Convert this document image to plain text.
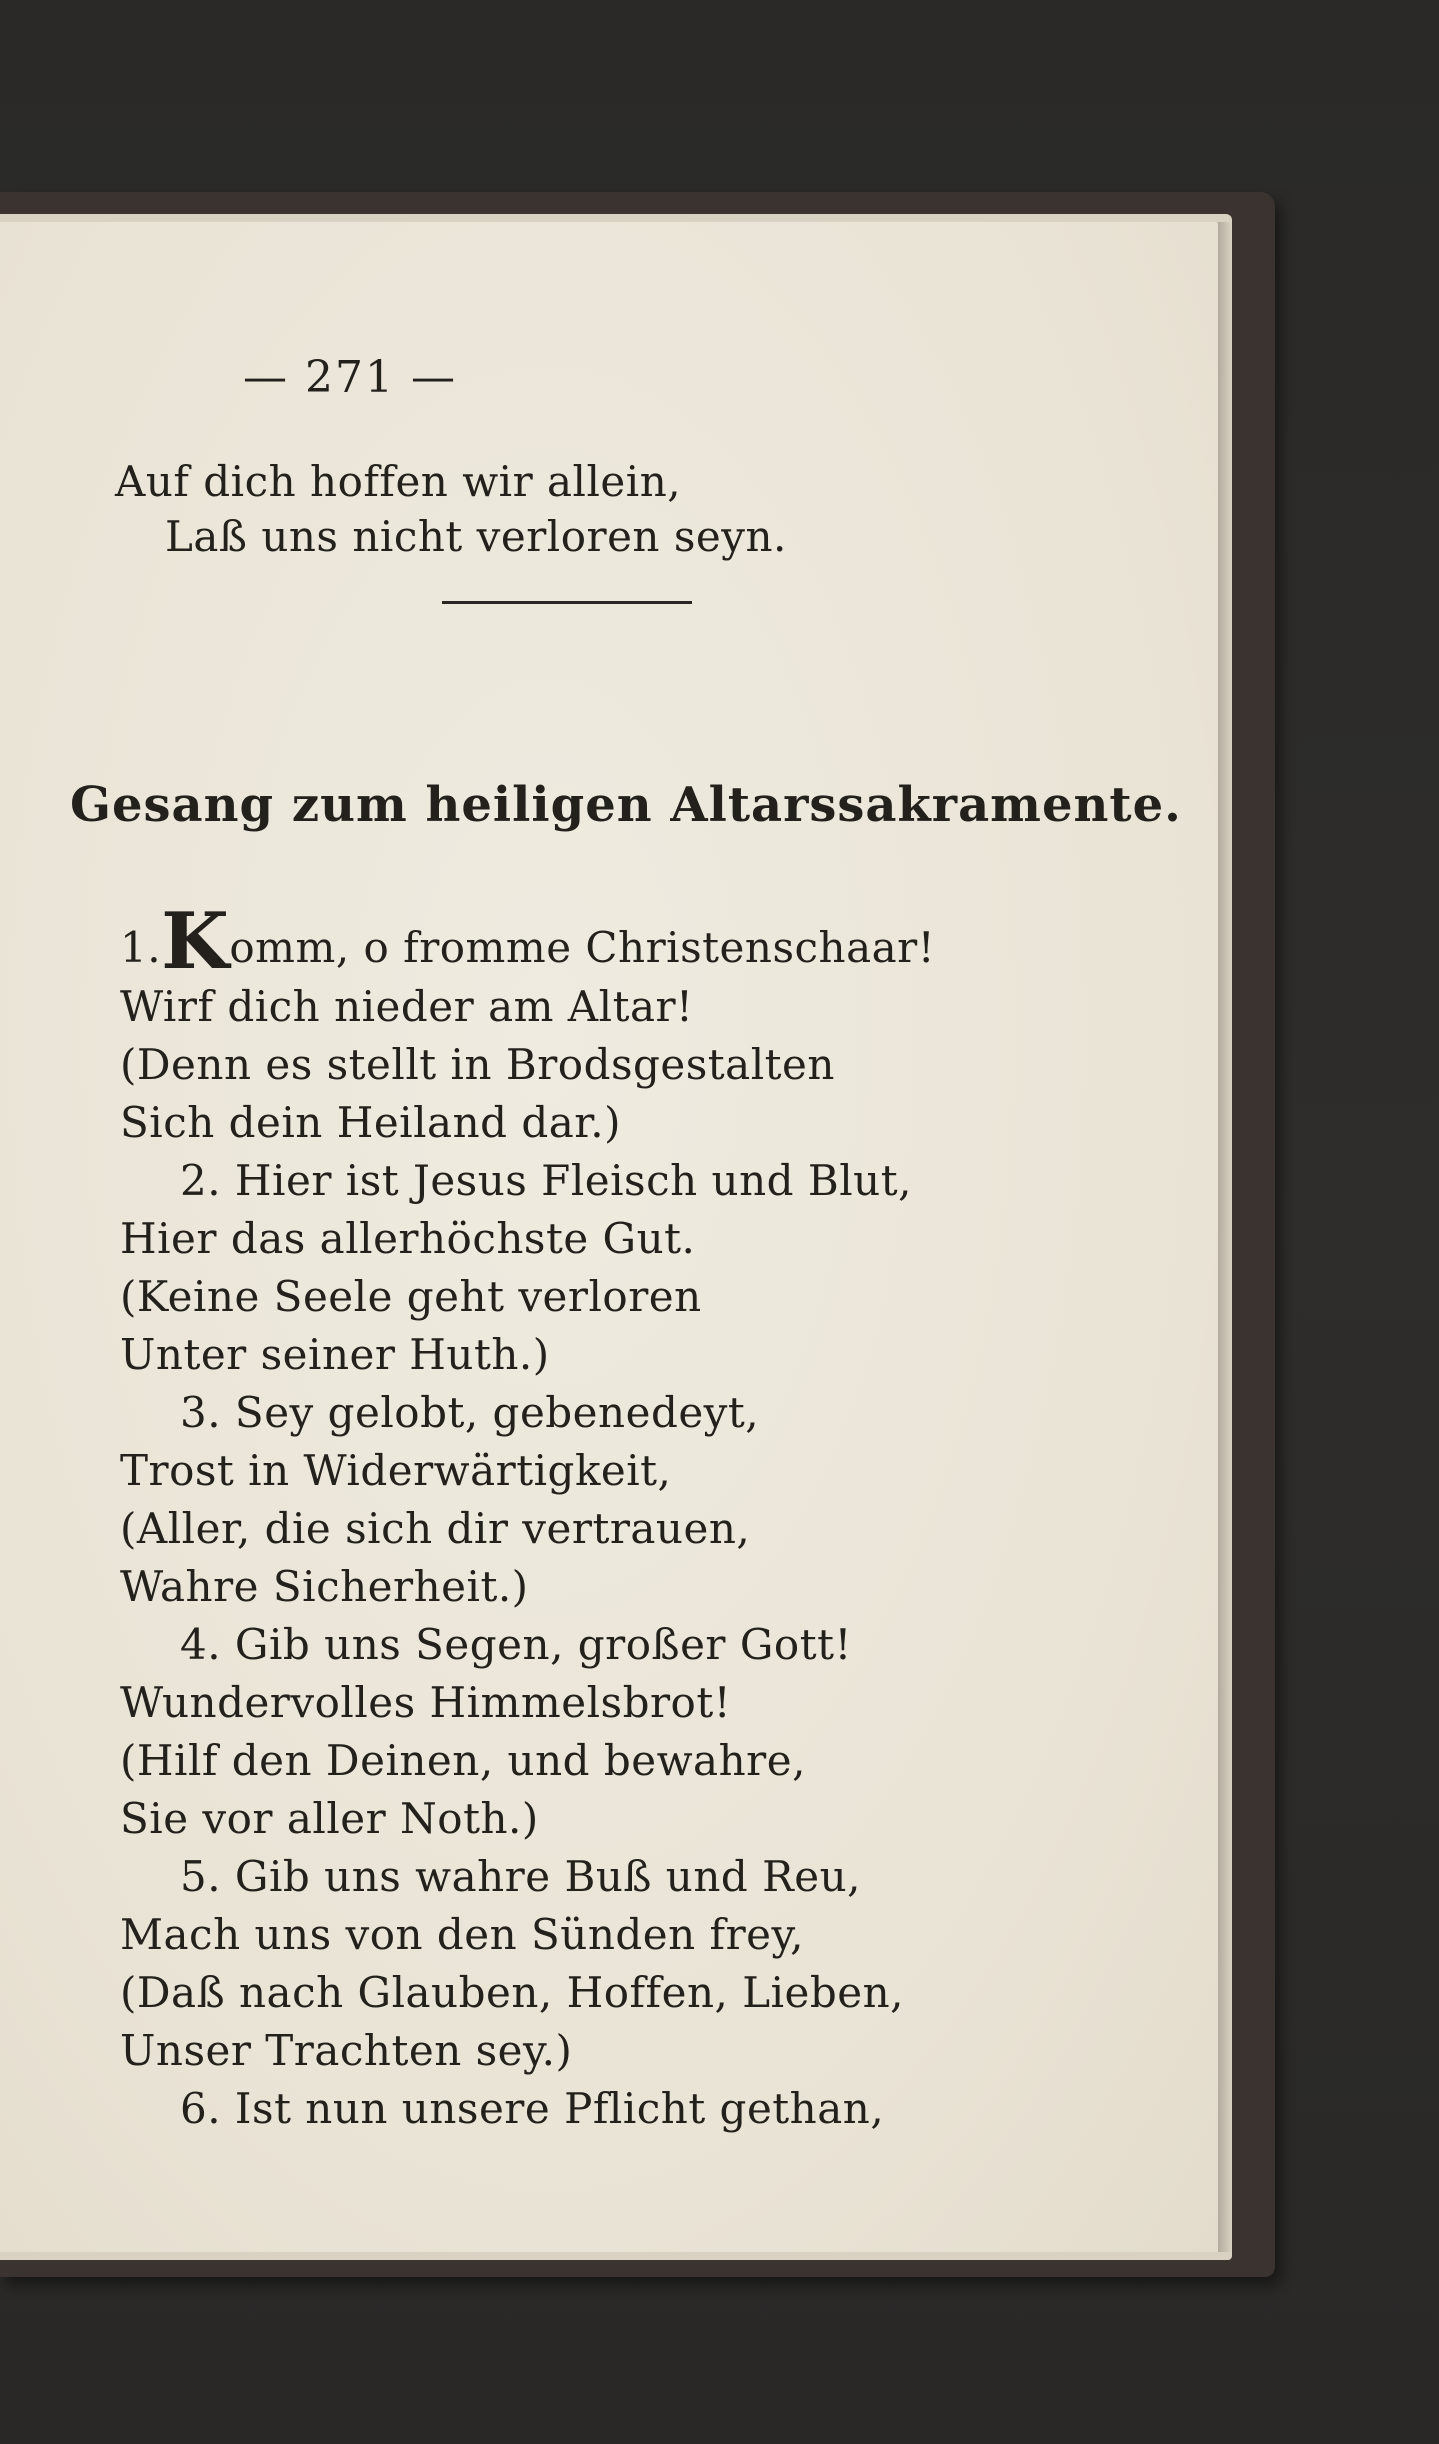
— 271 —
Auf dich hoffen wir allein,
Laß uns nicht verloren seyn.
Gesang zum heiligen Altarssakramente.
1.Komm, o fromme Christenschaar!
Wirf dich nieder am Altar!
(Denn es stellt in Brodsgestalten
Sich dein Heiland dar.)
2. Hier ist Jesus Fleisch und Blut,
Hier das allerhöchste Gut.
(Keine Seele geht verloren
Unter seiner Huth.)
3. Sey gelobt, gebenedeyt,
Trost in Widerwärtigkeit,
(Aller, die sich dir vertrauen,
Wahre Sicherheit.)
4. Gib uns Segen, großer Gott!
Wundervolles Himmelsbrot!
(Hilf den Deinen, und bewahre,
Sie vor aller Noth.)
5. Gib uns wahre Buß und Reu,
Mach uns von den Sünden frey,
(Daß nach Glauben, Hoffen, Lieben,
Unser Trachten sey.)
6. Ist nun unsere Pflicht gethan,
